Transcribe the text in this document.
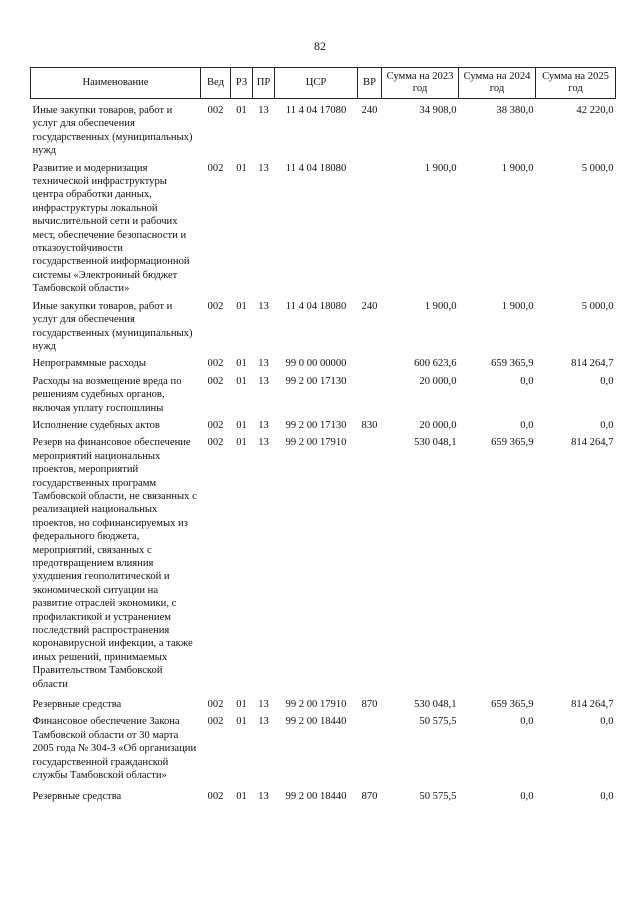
82
Наименование	Вед	РЗ	ПР	ЦСР	ВР	Сумма на 2023 год	Сумма на 2024 год	Сумма на 2025 год
Иные закупки товаров, работ и услуг для обеспечения государственных (муниципальных) нужд	002	01	13	11 4 04 17080	240	34 908,0	38 380,0	42 220,0
Развитие и модернизация технической инфраструктуры центра обработки данных, инфраструктуры локальной вычислительной сети и рабочих мест, обеспечение безопасности и отказоустойчивости государственной информационной системы «Электронный бюджет Тамбовской области»	002	01	13	11 4 04 18080		1 900,0	1 900,0	5 000,0
Иные закупки товаров, работ и услуг для обеспечения государственных (муниципальных) нужд	002	01	13	11 4 04 18080	240	1 900,0	1 900,0	5 000,0
Непрограммные расходы	002	01	13	99 0 00 00000		600 623,6	659 365,9	814 264,7
Расходы на возмещение вреда по решениям судебных органов, включая уплату госпошлины	002	01	13	99 2 00 17130		20 000,0	0,0	0,0
Исполнение судебных актов	002	01	13	99 2 00 17130	830	20 000,0	0,0	0,0
Резерв на финансовое обеспечение мероприятий национальных проектов, мероприятий государственных программ Тамбовской области, не связанных с реализацией национальных проектов, но софинансируемых из федерального бюджета, мероприятий, связанных с предотвращением влияния ухудшения геополитической и экономической ситуации на развитие отраслей экономики, с профилактикой и устранением последствий распространения коронавирусной инфекции, а также иных решений, принимаемых Правительством Тамбовской области	002	01	13	99 2 00 17910		530 048,1	659 365,9	814 264,7
Резервные средства	002	01	13	99 2 00 17910	870	530 048,1	659 365,9	814 264,7
Финансовое обеспечение Закона Тамбовской области от 30 марта 2005 года № 304-З «Об организации государственной гражданской службы Тамбовской области»	002	01	13	99 2 00 18440		50 575,5	0,0	0,0
Резервные средства	002	01	13	99 2 00 18440	870	50 575,5	0,0	0,0
